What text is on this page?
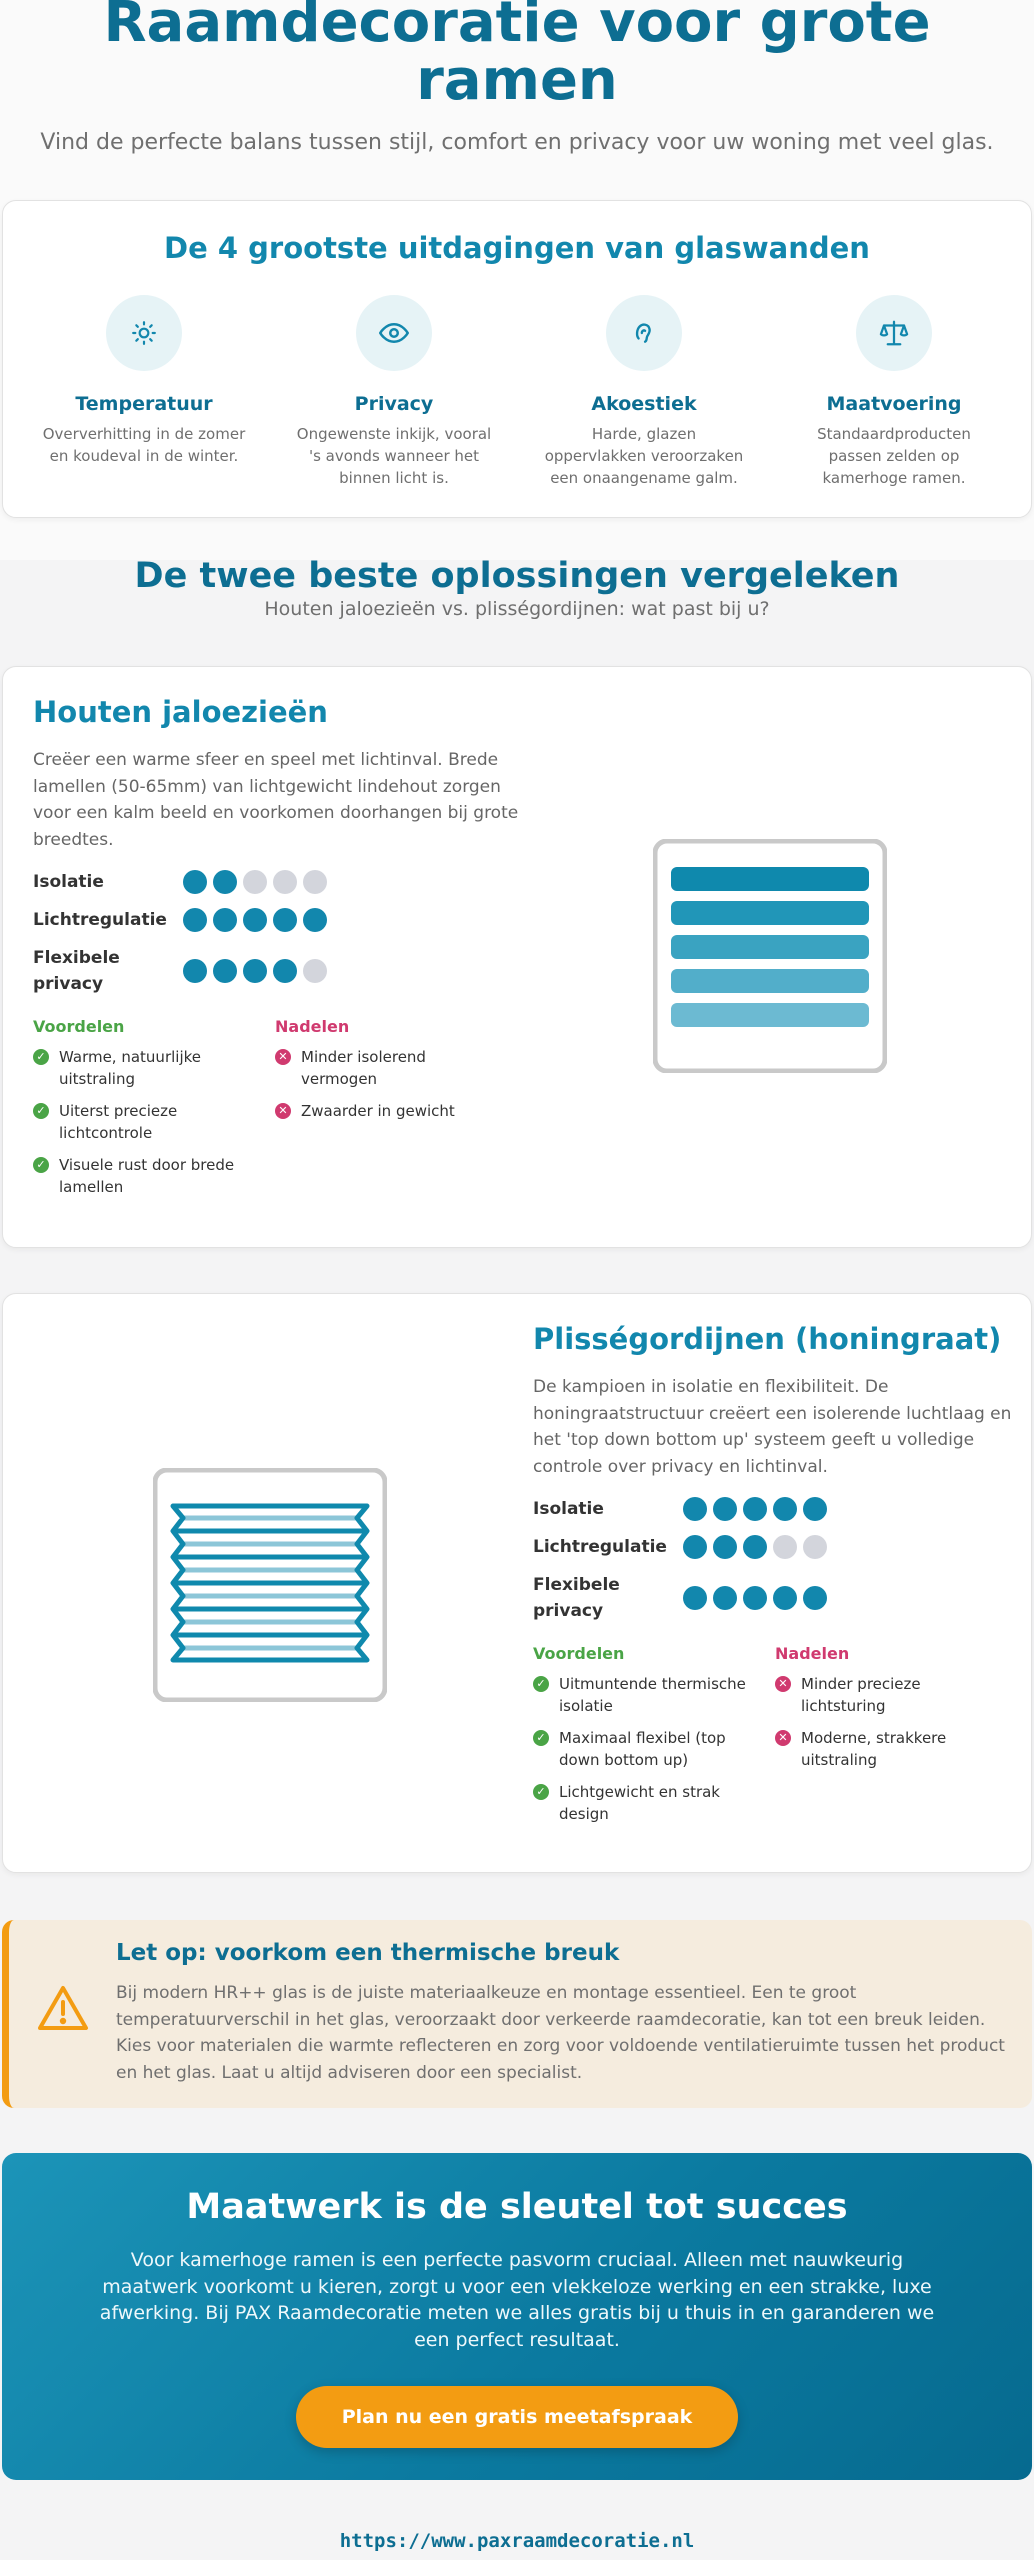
Raamdecoratie voor grote ramen

Vind de perfecte balans tussen stijl, comfort en privacy voor uw woning met veel glas.

De 4 grootste uitdagingen van glaswanden
Temperatuur

Oververhitting in de zomer en koudeval in de winter.

Privacy

Ongewenste inkijk, vooral 's avonds wanneer het binnen licht is.

Akoestiek

Harde, glazen oppervlakken veroorzaken een onaangename galm.

Maatvoering

Standaardproducten passen zelden op kamerhoge ramen.

De twee beste oplossingen vergeleken

Houten jaloezieën vs. plisségordijnen: wat past bij u?

Houten jaloezieën

Creëer een warme sfeer en speel met lichtinval. Brede lamellen (50-65mm) van lichtgewicht lindehout zorgen voor een kalm beeld en voorkomen doorhangen bij grote breedtes.

Isolatie
Lichtregulatie
Flexibele privacy
Voordelen
✓ Warme, natuurlijke uitstraling
✓ Uiterst precieze lichtcontrole
✓ Visuele rust door brede lamellen
Nadelen
✕ Minder isolerend vermogen
✕ Zwaarder in gewicht
Plisségordijnen (honingraat)

De kampioen in isolatie en flexibiliteit. De honingraatstructuur creëert een isolerende luchtlaag en het 'top down bottom up' systeem geeft u volledige controle over privacy en lichtinval.

Isolatie
Lichtregulatie
Flexibele privacy
Voordelen
✓ Uitmuntende thermische isolatie
✓ Maximaal flexibel (top down bottom up)
✓ Lichtgewicht en strak design
Nadelen
✕ Minder precieze lichtsturing
✕ Moderne, strakkere uitstraling
Let op: voorkom een thermische breuk

Bij modern HR++ glas is de juiste materiaalkeuze en montage essentieel. Een te groot temperatuurverschil in het glas, veroorzaakt door verkeerde raamdecoratie, kan tot een breuk leiden. Kies voor materialen die warmte reflecteren en zorg voor voldoende ventilatieruimte tussen het product en het glas. Laat u altijd adviseren door een specialist.

Maatwerk is de sleutel tot succes

Voor kamerhoge ramen is een perfecte pasvorm cruciaal. Alleen met nauwkeurig maatwerk voorkomt u kieren, zorgt u voor een vlekkeloze werking en een strakke, luxe afwerking. Bij PAX Raamdecoratie meten we alles gratis bij u thuis in en garanderen we een perfect resultaat.

Plan nu een gratis meetafspraak
https://www.paxraamdecoratie.nl
